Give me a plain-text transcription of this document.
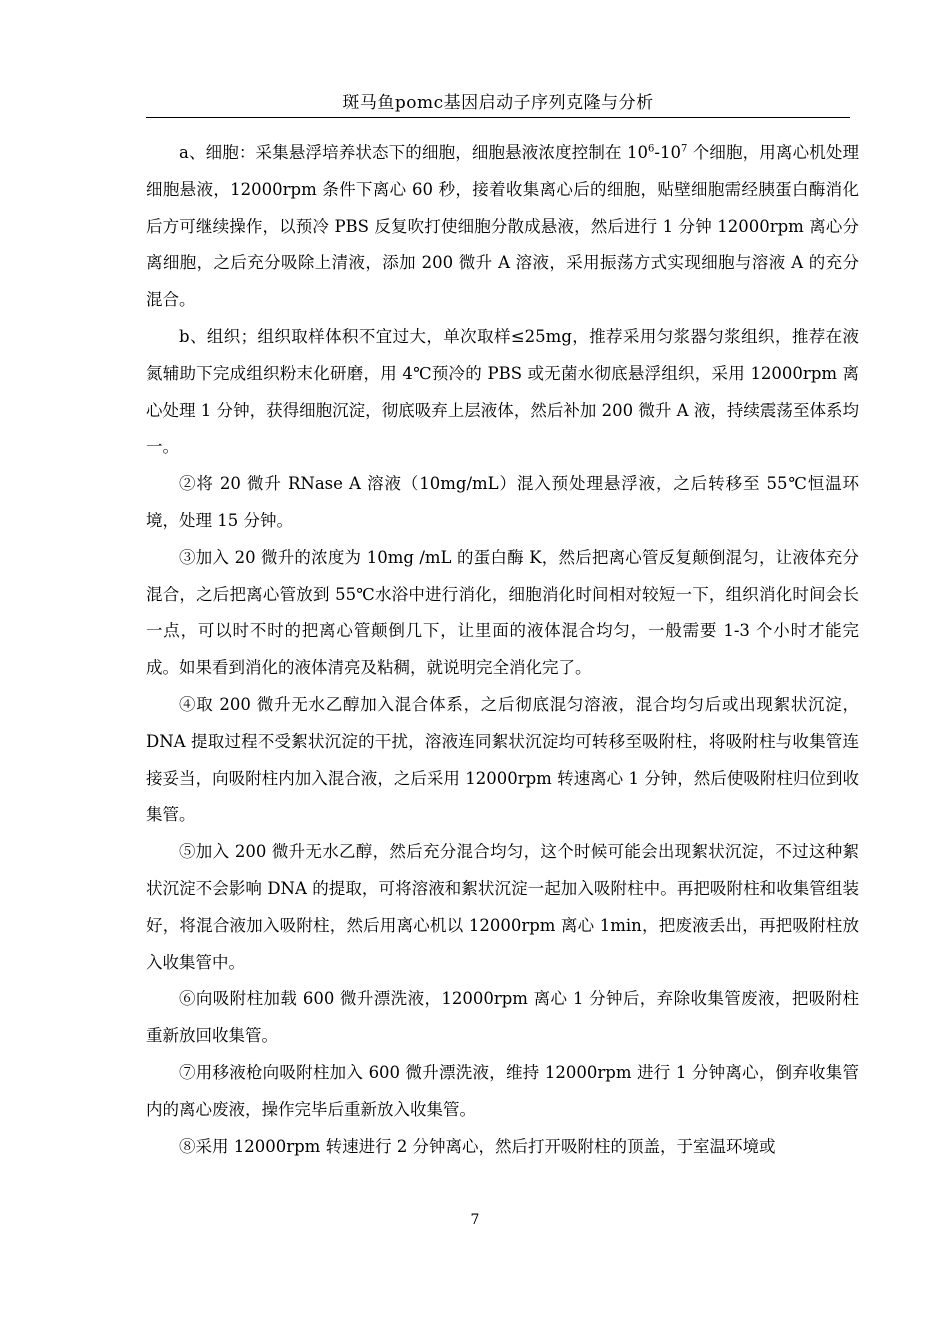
斑马鱼pomc基因启动子序列克隆与分析

a、细胞：采集悬浮培养状态下的细胞，细胞悬液浓度控制在 $10^6-10^7$ 个细胞，用离心机处理细胞悬液，12000rpm 条件下离心 60 秒，接着收集离心后的细胞，贴壁细胞需经胰蛋白酶消化后方可继续操作，以预冷 PBS 反复吹打使细胞分散成悬液，然后进行 1 分钟 12000rpm 离心分离细胞，之后充分吸除上清液，添加 200 微升 A 溶液，采用振荡方式实现细胞与溶液 A 的充分混合。

b、组织；组织取样体积不宜过大，单次取样≤25mg，推荐采用匀浆器匀浆组织，推荐在液氮辅助下完成组织粉末化研磨，用 4℃预冷的 PBS 或无菌水彻底悬浮组织，采用 12000rpm 离心处理 1 分钟，获得细胞沉淀，彻底吸弃上层液体，然后补加 200 微升 A 液，持续震荡至体系均一。

②将 20 微升 RNase A 溶液（10mg/mL）混入预处理悬浮液，之后转移至 55℃恒温环境，处理 15 分钟。

③加入 20 微升的浓度为 10mg /mL 的蛋白酶 K，然后把离心管反复颠倒混匀，让液体充分混合，之后把离心管放到 55℃水浴中进行消化，细胞消化时间相对较短一下，组织消化时间会长一点，可以时不时的把离心管颠倒几下，让里面的液体混合均匀，一般需要 1-3 个小时才能完成。如果看到消化的液体清亮及粘稠，就说明完全消化完了。

④取 200 微升无水乙醇加入混合体系，之后彻底混匀溶液，混合均匀后或出现絮状沉淀，DNA 提取过程不受絮状沉淀的干扰，溶液连同絮状沉淀均可转移至吸附柱，将吸附柱与收集管连接妥当，向吸附柱内加入混合液，之后采用 12000rpm 转速离心 1 分钟，然后使吸附柱归位到收集管。

⑤加入 200 微升无水乙醇，然后充分混合均匀，这个时候可能会出现絮状沉淀，不过这种絮状沉淀不会影响 DNA 的提取，可将溶液和絮状沉淀一起加入吸附柱中。再把吸附柱和收集管组装好，将混合液加入吸附柱，然后用离心机以 12000rpm 离心 1min，把废液丢出，再把吸附柱放入收集管中。

⑥向吸附柱加载 600 微升漂洗液，12000rpm 离心 1 分钟后，弃除收集管废液，把吸附柱重新放回收集管。

⑦用移液枪向吸附柱加入 600 微升漂洗液，维持 12000rpm 进行 1 分钟离心，倒弃收集管内的离心废液，操作完毕后重新放入收集管。

⑧采用 12000rpm 转速进行 2 分钟离心，然后打开吸附柱的顶盖，于室温环境或

7
